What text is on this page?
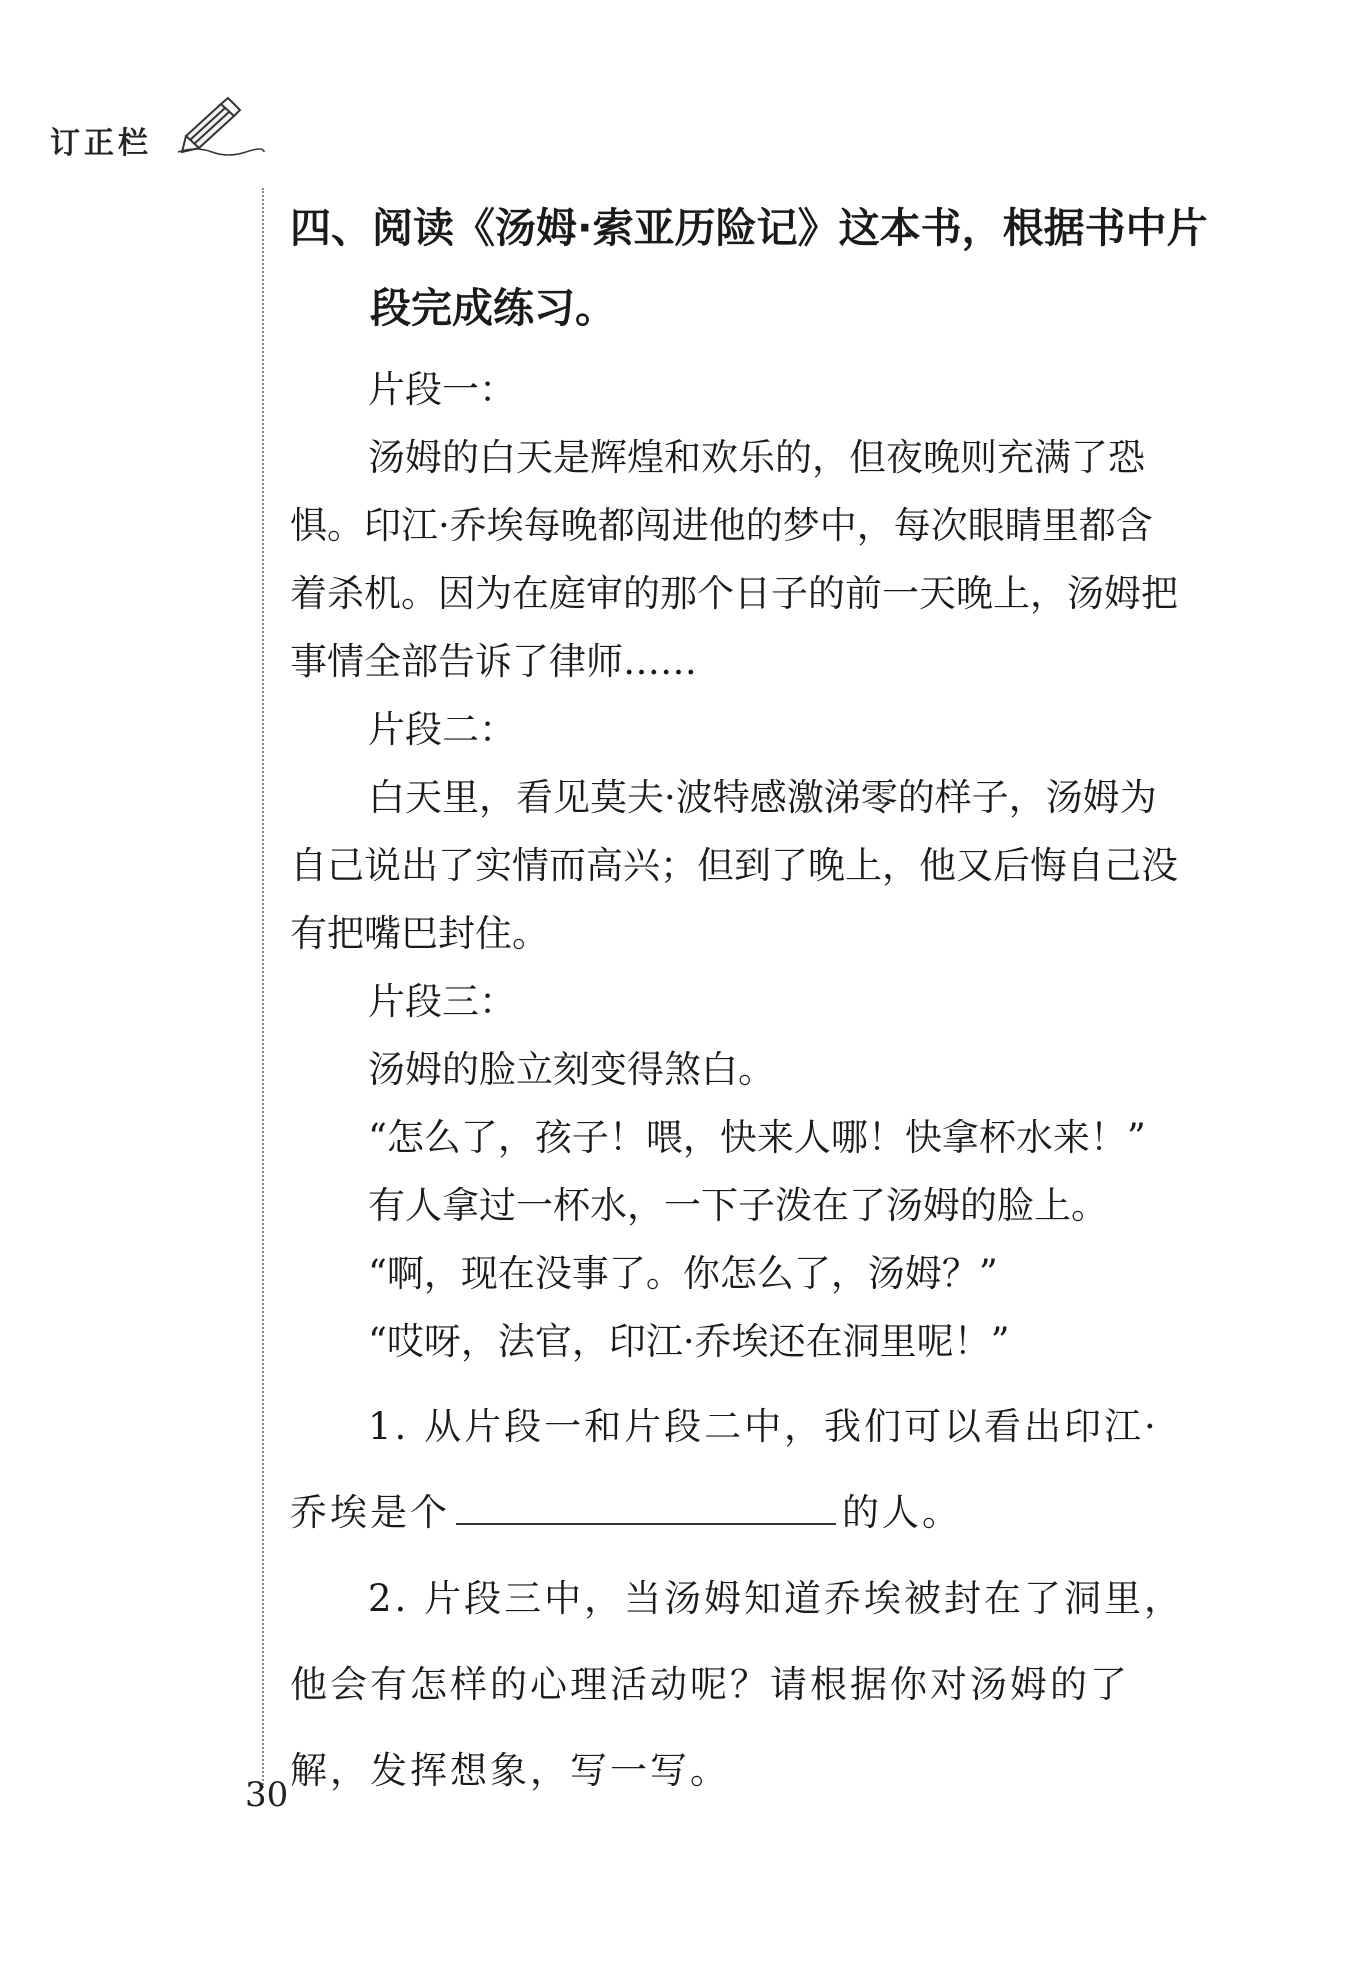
订正栏

四、阅读《汤姆·索亚历险记》这本书，根据书中片

段完成练习。

片段一：

汤姆的白天是辉煌和欢乐的，但夜晚则充满了恐

惧。印江·乔埃每晚都闯进他的梦中，每次眼睛里都含

着杀机。因为在庭审的那个日子的前一天晚上，汤姆把

事情全部告诉了律师……

片段二：

白天里，看见莫夫·波特感激涕零的样子，汤姆为

自己说出了实情而高兴；但到了晚上，他又后悔自己没

有把嘴巴封住。

片段三：

汤姆的脸立刻变得煞白。

“怎么了，孩子！喂，快来人哪！快拿杯水来！”

有人拿过一杯水，一下子泼在了汤姆的脸上。

“啊，现在没事了。你怎么了，汤姆？”

“哎呀，法官，印江·乔埃还在洞里呢！”

1. 从片段一和片段二中，我们可以看出印江·

乔埃是个	的人。

2. 片段三中，当汤姆知道乔埃被封在了洞里，

他会有怎样的心理活动呢？请根据你对汤姆的了

解，发挥想象，写一写。

30
